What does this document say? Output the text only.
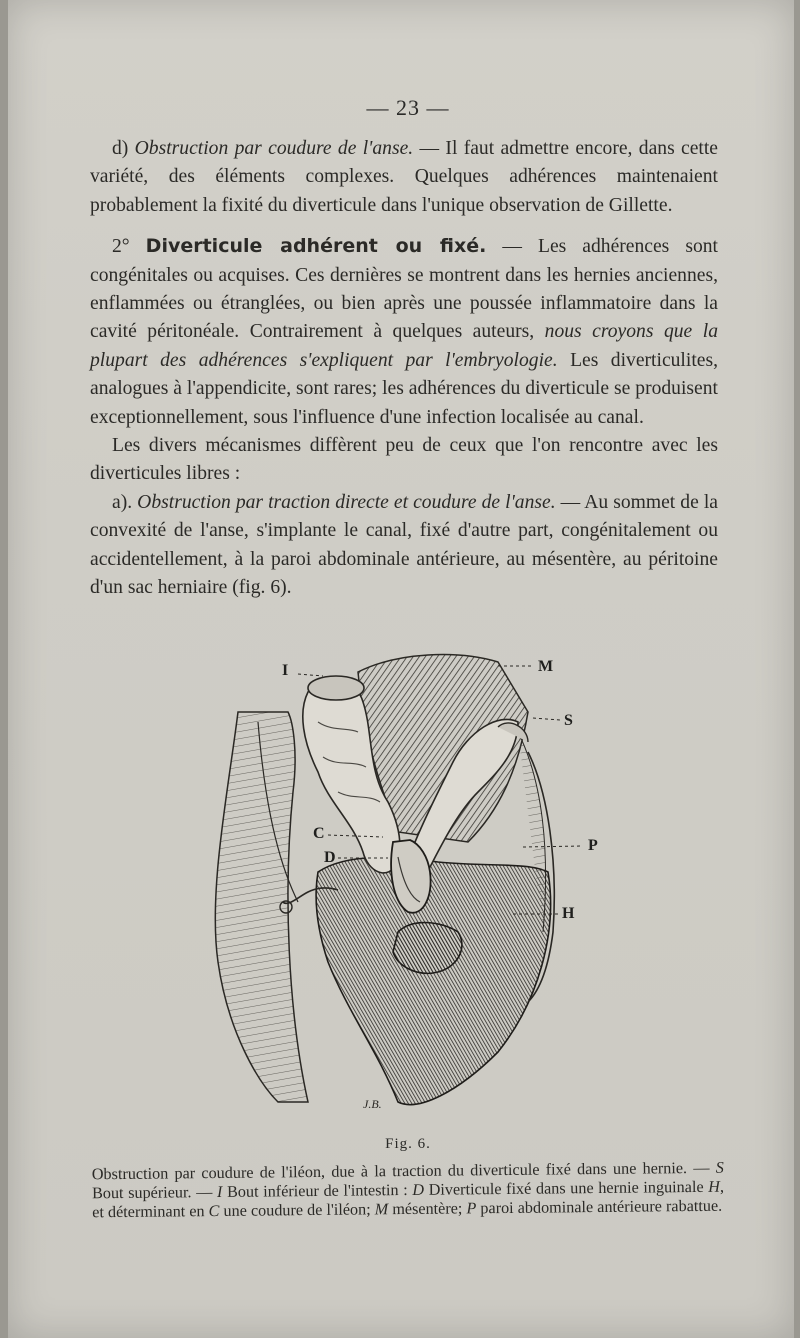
— 23 —

d) Obstruction par coudure de l'anse. — Il faut admettre encore, dans cette variété, des éléments complexes. Quelques adhérences maintenaient probablement la fixité du diverticule dans l'unique observation de Gillette.

2° Diverticule adhérent ou fixé. — Les adhérences sont congénitales ou acquises. Ces dernières se montrent dans les hernies anciennes, enflammées ou étranglées, ou bien après une poussée inflammatoire dans la cavité péritonéale. Contrairement à quelques auteurs, nous croyons que la plupart des adhérences s'expliquent par l'embryologie. Les diverticulites, analogues à l'appendicite, sont rares; les adhérences du diverticule se produisent exceptionnellement, sous l'influence d'une infection localisée au canal.

Les divers mécanismes diffèrent peu de ceux que l'on rencontre avec les diverticules libres :

a). Obstruction par traction directe et coudure de l'anse. — Au sommet de la convexité de l'anse, s'implante le canal, fixé d'autre part, congénitalement ou accidentellement, à la paroi abdominale antérieure, au mésentère, au péritoine d'un sac herniaire (fig. 6).

J.B.
I	M
S
C
D
P
H
Fig. 6.
Obstruction par coudure de l'iléon, due à la traction du diverticule fixé dans une hernie. — S Bout supérieur. — I Bout inférieur de l'intestin : D Diverticule fixé dans une hernie inguinale H, et déterminant en C une coudure de l'iléon; M mésentère; P paroi abdominale antérieure rabattue.
